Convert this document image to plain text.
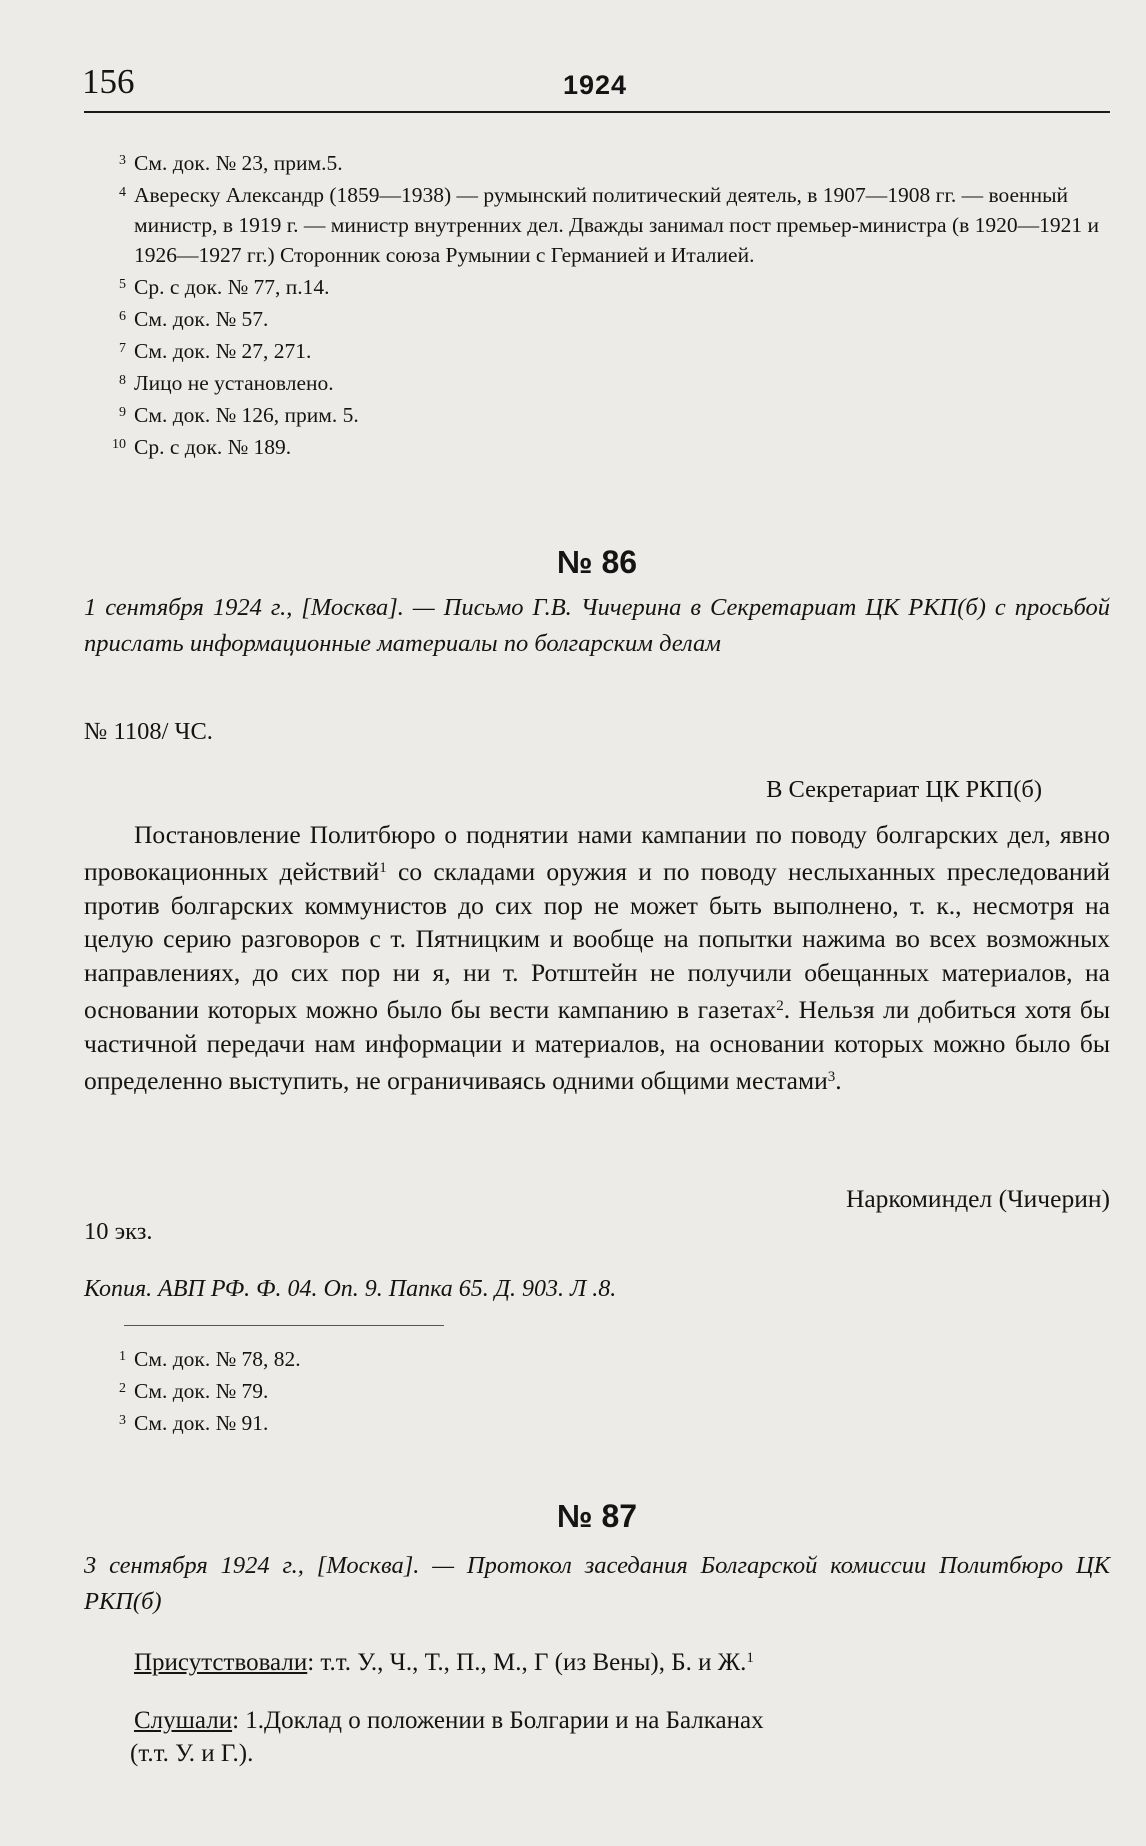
156	1924

$^3$ См. док. № 23, прим.5.

$^4$ Авереску Александр (1859—1938) — румынский политический деятель, в 1907—1908 гг. — военный министр, в 1919 г. — министр внутренних дел. Дважды занимал пост премьер-министра (в 1920—1921 и 1926—1927 гг.) Сторонник союза Румынии с Германией и Италией.

$^5$ Ср. с док. № 77, п.14.

$^6$ См. док. № 57.

$^7$ См. док. № 27, 271.

$^8$ Лицо не установлено.

$^9$ См. док. № 126, прим. 5.

$^{10}$ Ср. с док. № 189.

№ 86

1 сентября 1924 г., [Москва]. — Письмо Г.В. Чичерина в Секретариат ЦК РКП(б) с просьбой прислать информационные материалы по болгарским делам

№ 1108/ ЧС.

В Секретариат ЦК РКП(б)

Постановление Политбюро о поднятии нами кампании по поводу болгарских дел, явно провокационных действий$^1$ со складами оружия и по поводу неслыханных преследований против болгарских коммунистов до сих пор не может быть выполнено, т. к., несмотря на целую серию разговоров с т. Пятницким и вообще на попытки нажима во всех возможных направлениях, до сих пор ни я, ни т. Ротштейн не получили обещанных материалов, на основании которых можно было бы вести кампанию в газетах$^2$. Нельзя ли добиться хотя бы частичной передачи нам информации и материалов, на основании которых можно было бы определенно выступить, не ограничиваясь одними общими местами$^3$.

Наркоминдел (Чичерин)

10 экз.

Копия. АВП РФ. Ф. 04. Оп. 9. Папка 65. Д. 903. Л .8.

$^1$ См. док. № 78, 82.

$^2$ См. док. № 79.

$^3$ См. док. № 91.

№ 87

3 сентября 1924 г., [Москва]. — Протокол заседания Болгарской комиссии Политбюро ЦК РКП(б)

Присутствовали: т.т. У., Ч., Т., П., М., Г (из Вены), Б. и Ж.$^1$

Слушали: 1.Доклад о положении в Болгарии и на Балканах

(т.т. У. и Г.).
